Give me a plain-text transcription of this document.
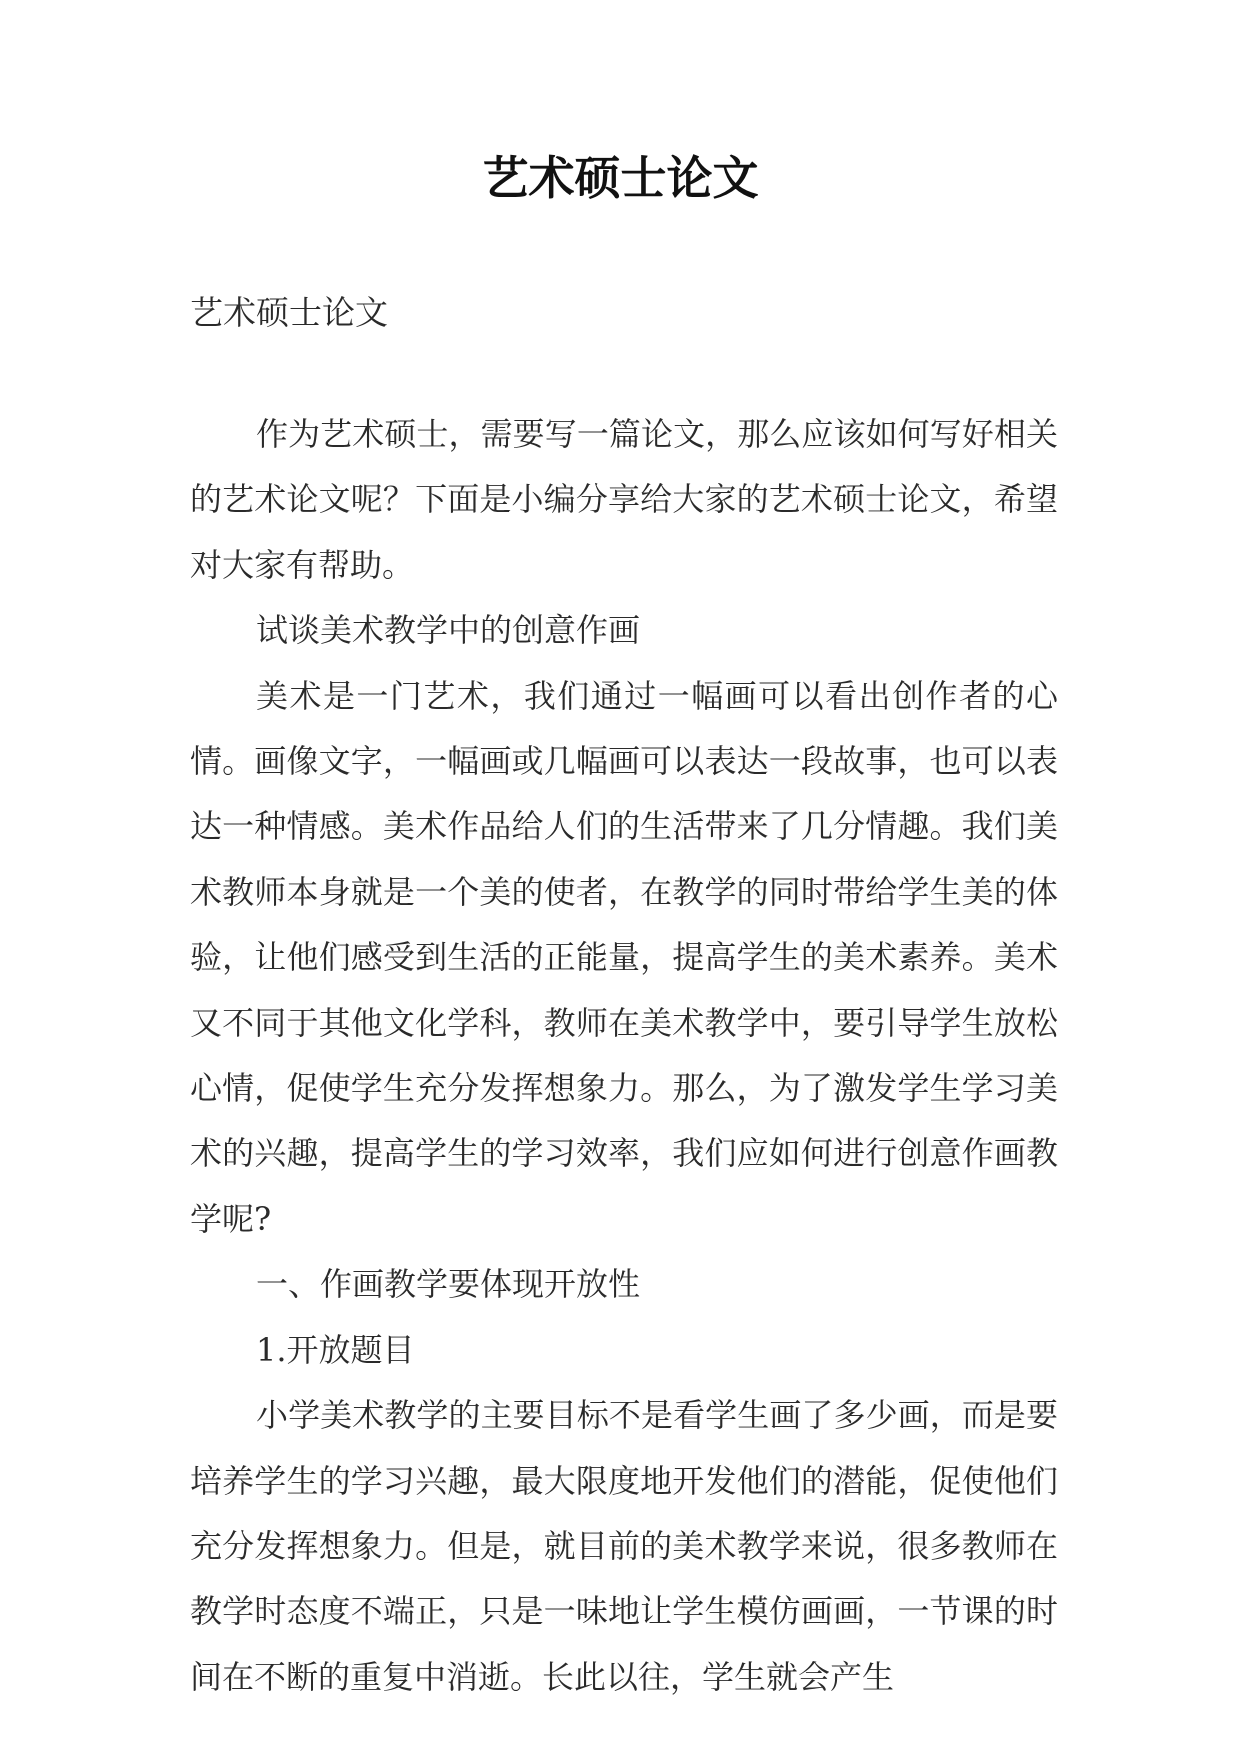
艺术硕士论文
艺术硕士论文

作为艺术硕士，需要写一篇论文，那么应该如何写好相关的艺术论文呢？下面是小编分享给大家的艺术硕士论文，希望对大家有帮助。

试谈美术教学中的创意作画

美术是一门艺术，我们通过一幅画可以看出创作者的心情。画像文字，一幅画或几幅画可以表达一段故事，也可以表达一种情感。美术作品给人们的生活带来了几分情趣。我们美术教师本身就是一个美的使者，在教学的同时带给学生美的体验，让他们感受到生活的正能量，提高学生的美术素养。美术又不同于其他文化学科，教师在美术教学中，要引导学生放松心情，促使学生充分发挥想象力。那么，为了激发学生学习美术的兴趣，提高学生的学习效率，我们应如何进行创意作画教学呢?

一、作画教学要体现开放性

1.开放题目

小学美术教学的主要目标不是看学生画了多少画，而是要培养学生的学习兴趣，最大限度地开发他们的潜能，促使他们充分发挥想象力。但是，就目前的美术教学来说，很多教师在教学时态度不端正，只是一味地让学生模仿画画，一节课的时间在不断的重复中消逝。长此以往，学生就会产生
